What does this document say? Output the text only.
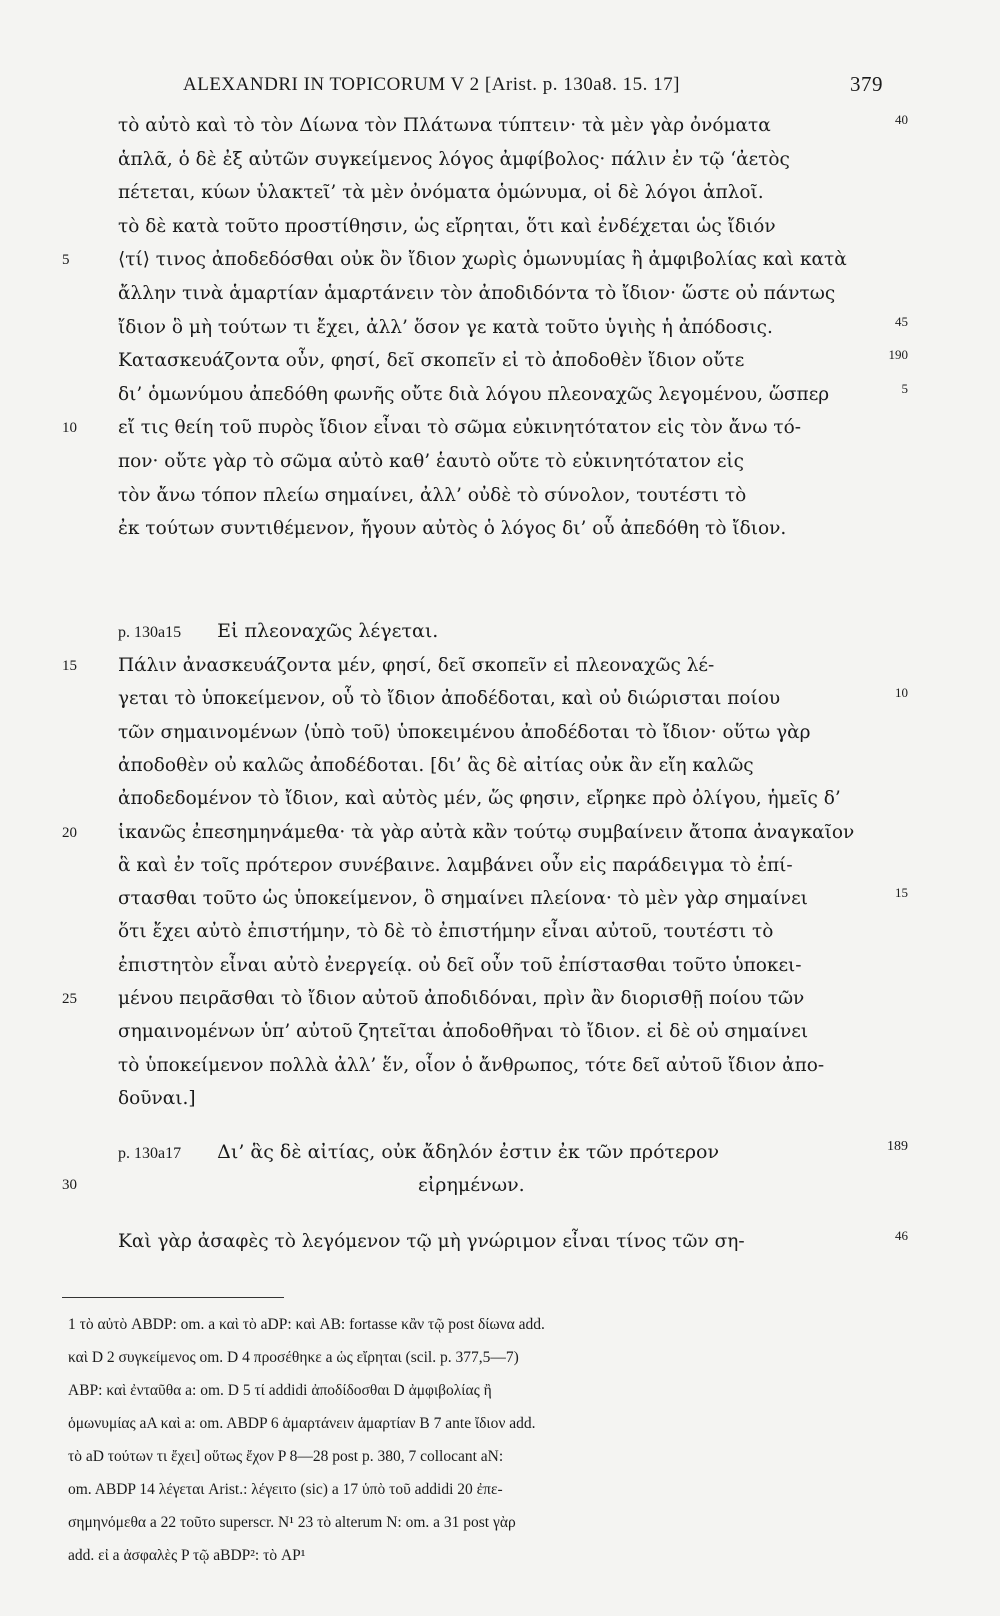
ALEXANDRI IN TOPICORUM V 2 [Arist. p. 130a8. 15. 17]	379
τὸ αὐτὸ καὶ τὸ τὸν Δίωνα τὸν Πλάτωνα τύπτειν· τὰ μὲν γὰρ ὀνόματα	40
ἁπλᾶ, ὁ δὲ ἐξ αὐτῶν συγκείμενος λόγος ἀμφίβολος· πάλιν ἐν τῷ ‘ἀετὸς
πέτεται, κύων ὑλακτεῖ’ τὰ μὲν ὀνόματα ὁμώνυμα, οἱ δὲ λόγοι ἁπλοῖ.
τὸ δὲ κατὰ τοῦτο προστίθησιν, ὡς εἴρηται, ὅτι καὶ ἐνδέχεται ὡς ἴδιόν
5	⟨τί⟩ τινος ἀποδεδόσθαι οὐκ ὂν ἴδιον χωρὶς ὁμωνυμίας ἢ ἀμφιβολίας καὶ κατὰ
ἄλλην τινὰ ἁμαρτίαν ἁμαρτάνειν τὸν ἀποδιδόντα τὸ ἴδιον· ὥστε οὐ πάντως
ἴδιον ὃ μὴ τούτων τι ἔχει, ἀλλ’ ὅσον γε κατὰ τοῦτο ὑγιὴς ἡ ἀπόδοσις.	45
Κατασκευάζοντα οὖν, φησί, δεῖ σκοπεῖν εἰ τὸ ἀποδοθὲν ἴδιον οὔτε	190
δι’ ὁμωνύμου ἀπεδόθη φωνῆς οὔτε διὰ λόγου πλεοναχῶς λεγομένου, ὥσπερ	5
10	εἴ τις θείη τοῦ πυρὸς ἴδιον εἶναι τὸ σῶμα εὐκινητότατον εἰς τὸν ἄνω τό-
πον· οὔτε γὰρ τὸ σῶμα αὐτὸ καθ’ ἑαυτὸ οὔτε τὸ εὐκινητότατον εἰς
τὸν ἄνω τόπον πλείω σημαίνει, ἀλλ’ οὐδὲ τὸ σύνολον, τουτέστι τὸ
ἐκ τούτων συντιθέμενον, ἤγουν αὐτὸς ὁ λόγος δι’ οὗ ἀπεδόθη τὸ ἴδιον.
p. 130a15 Εἰ πλεοναχῶς λέγεται.
15	Πάλιν ἀνασκευάζοντα μέν, φησί, δεῖ σκοπεῖν εἰ πλεοναχῶς λέ-
γεται τὸ ὑποκείμενον, οὗ τὸ ἴδιον ἀποδέδοται, καὶ οὐ διώρισται ποίου	10
τῶν σημαινομένων ⟨ὑπὸ τοῦ⟩ ὑποκειμένου ἀποδέδοται τὸ ἴδιον· οὕτω γὰρ
ἀποδοθὲν οὐ καλῶς ἀποδέδοται. [δι’ ἃς δὲ αἰτίας οὐκ ἂν εἴη καλῶς
ἀποδεδομένον τὸ ἴδιον, καὶ αὐτὸς μέν, ὥς φησιν, εἴρηκε πρὸ ὀλίγου, ἡμεῖς δ’
20	ἱκανῶς ἐπεσημηνάμεθα· τὰ γὰρ αὐτὰ κἂν τούτῳ συμβαίνειν ἄτοπα ἀναγκαῖον
ἃ καὶ ἐν τοῖς πρότερον συνέβαινε. λαμβάνει οὖν εἰς παράδειγμα τὸ ἐπί-
στασθαι τοῦτο ὡς ὑποκείμενον, ὃ σημαίνει πλείονα· τὸ μὲν γὰρ σημαίνει	15
ὅτι ἔχει αὐτὸ ἐπιστήμην, τὸ δὲ τὸ ἐπιστήμην εἶναι αὐτοῦ, τουτέστι τὸ
ἐπιστητὸν εἶναι αὐτὸ ἐνεργείᾳ. οὐ δεῖ οὖν τοῦ ἐπίστασθαι τοῦτο ὑποκει-
25	μένου πειρᾶσθαι τὸ ἴδιον αὐτοῦ ἀποδιδόναι, πρὶν ἂν διορισθῇ ποίου τῶν
σημαινομένων ὑπ’ αὐτοῦ ζητεῖται ἀποδοθῆναι τὸ ἴδιον. εἰ δὲ οὐ σημαίνει
τὸ ὑποκείμενον πολλὰ ἀλλ’ ἕν, οἷον ὁ ἄνθρωπος, τότε δεῖ αὐτοῦ ἴδιον ἀπο-
δοῦναι.]
p. 130a17 Δι’ ἃς δὲ αἰτίας, οὐκ ἄδηλόν ἐστιν ἐκ τῶν πρότερον	189
30	εἰρημένων.
Καὶ γὰρ ἀσαφὲς τὸ λεγόμενον τῷ μὴ γνώριμον εἶναι τίνος τῶν ση-	46
1 τὸ αὐτὸ ABDP: om. a καὶ τὸ aDP: καὶ AB: fortasse κἂν τῷ post δίωνα add.
καὶ D 2 συγκείμενος om. D 4 προσέθηκε a ὡς εἴρηται (scil. p. 377,5—7)
ABP: καὶ ἐνταῦθα a: om. D 5 τί addidi ἀποδίδοσθαι D ἀμφιβολίας ἢ
ὁμωνυμίας aA καὶ a: om. ABDP 6 ἁμαρτάνειν ἁμαρτίαν B 7 ante ἴδιον add.
τὸ aD τούτων τι ἔχει] οὕτως ἔχον P 8—28 post p. 380, 7 collocant aN:
om. ABDP 14 λέγεται Arist.: λέγειτο (sic) a 17 ὑπὸ τοῦ addidi 20 ἐπε-
σημηνόμεθα a 22 τοῦτο superscr. N¹ 23 τὸ alterum N: om. a 31 post γὰρ
add. εἰ a ἀσφαλὲς P τῷ aBDP²: τὸ AP¹
